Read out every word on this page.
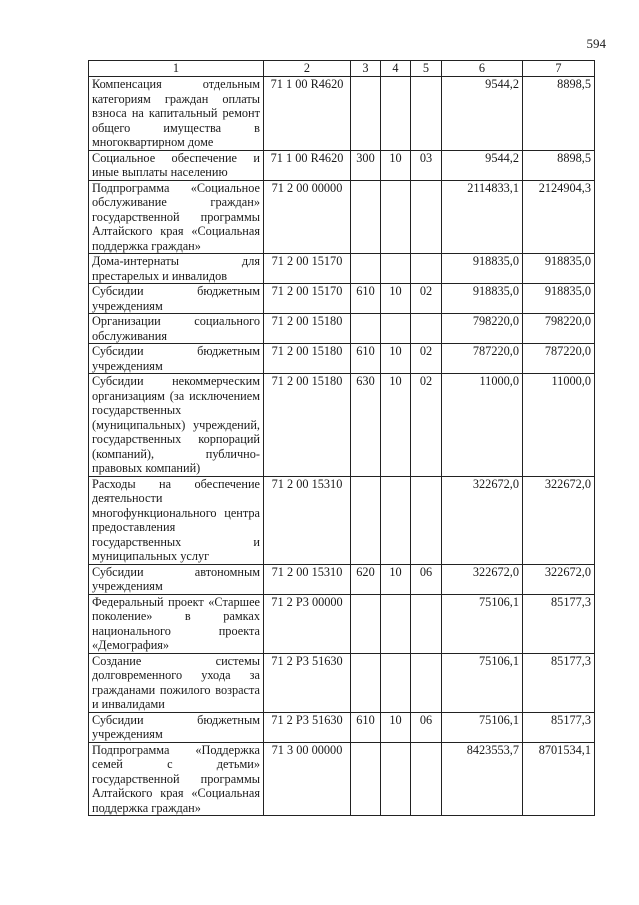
594
1	2	3	4	5	6	7
Компенсация отдельным категориям граждан оплаты взноса на капитальный ремонт общего имущества в многоквартирном доме	71 1 00 R4620				9544,2	8898,5
Социальное обеспечение и иные выплаты населению	71 1 00 R4620	300	10	03	9544,2	8898,5
Подпрограмма «Социальное обслуживание граждан» государственной программы Алтайского края «Социальная поддержка граждан»	71 2 00 00000				2114833,1	2124904,3
Дома-интернаты для престарелых и инвалидов	71 2 00 15170				918835,0	918835,0
Субсидии бюджетным учреждениям	71 2 00 15170	610	10	02	918835,0	918835,0
Организации социального обслуживания	71 2 00 15180				798220,0	798220,0
Субсидии бюджетным учреждениям	71 2 00 15180	610	10	02	787220,0	787220,0
Субсидии некоммерческим организациям (за исключением государственных (муниципальных) учреждений, государственных корпораций (компаний), публично-правовых компаний)	71 2 00 15180	630	10	02	11000,0	11000,0
Расходы на обеспечение деятельности многофункционального центра предоставления государственных и муниципальных услуг	71 2 00 15310				322672,0	322672,0
Субсидии автономным учреждениям	71 2 00 15310	620	10	06	322672,0	322672,0
Федеральный проект «Старшее поколение» в рамках национального проекта «Демография»	71 2 P3 00000				75106,1	85177,3
Создание системы долговременного ухода за гражданами пожилого возраста и инвалидами	71 2 P3 51630				75106,1	85177,3
Субсидии бюджетным учреждениям	71 2 P3 51630	610	10	06	75106,1	85177,3
Подпрограмма «Поддержка семей с детьми» государственной программы Алтайского края «Социальная поддержка граждан»	71 3 00 00000				8423553,7	8701534,1
